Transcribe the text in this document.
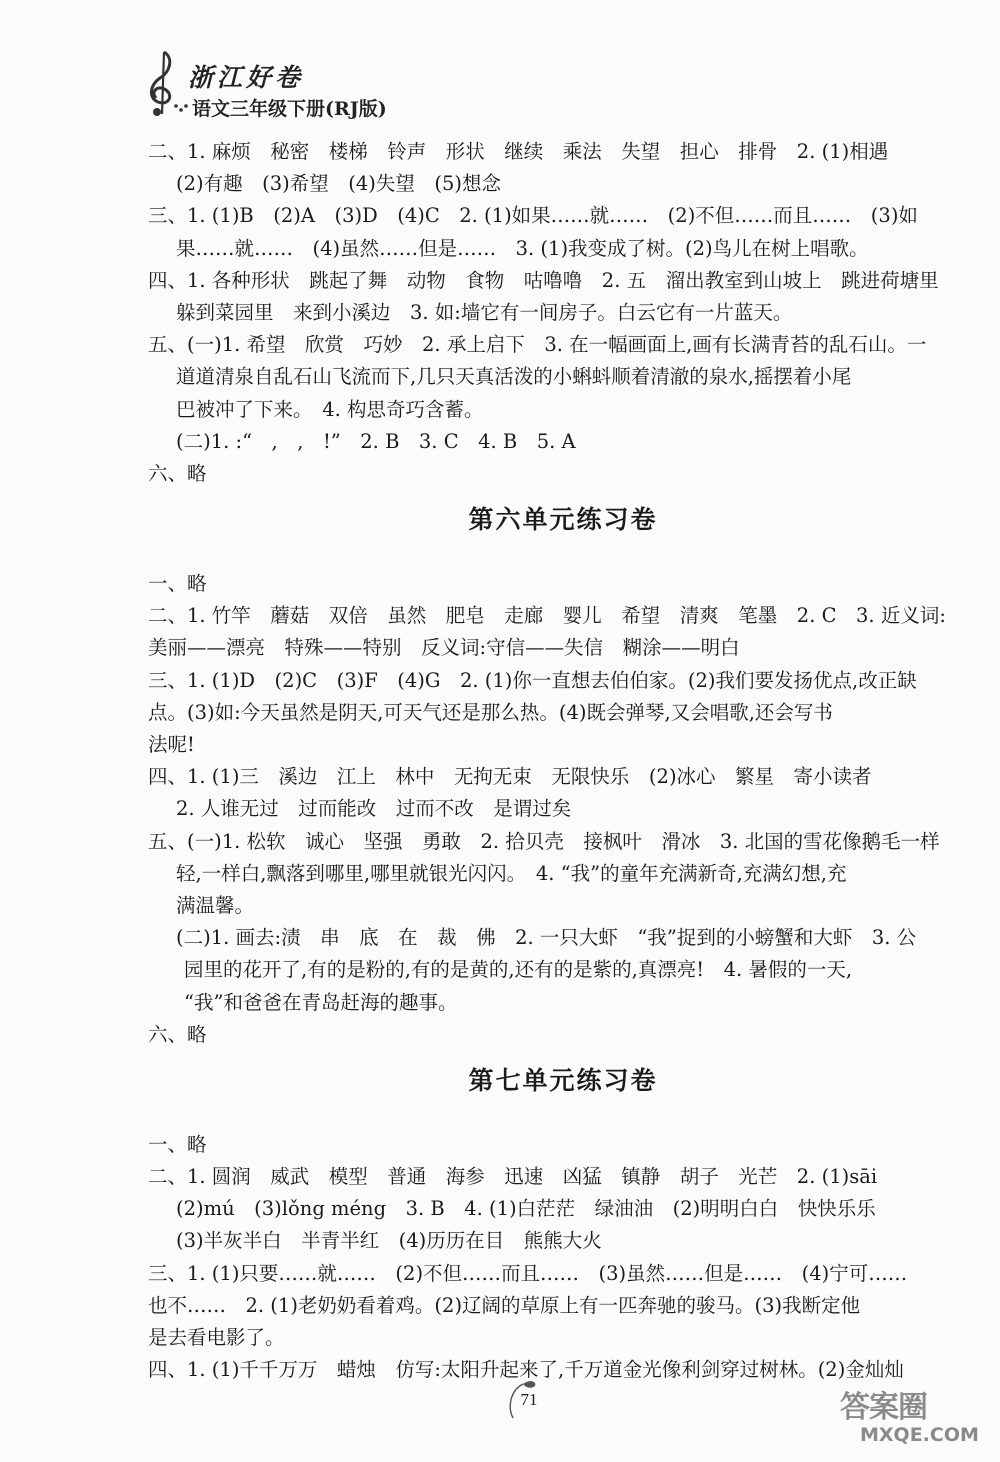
浙江好卷
语文三年级下册(RJ版)
二、1. 麻烦　秘密　楼梯　铃声　形状　继续　乘法　失望　担心　排骨　2. (1)相遇
(2)有趣　(3)希望　(4)失望　(5)想念
三、1. (1)B　(2)A　(3)D　(4)C　2. (1)如果……就……　(2)不但……而且……　(3)如
果……就……　(4)虽然……但是……　3. (1)我变成了树。(2)鸟儿在树上唱歌。
四、1. 各种形状　跳起了舞　动物　食物　咕噜噜　2. 五　溜出教室到山坡上　跳进荷塘里
躲到菜园里　来到小溪边　3. 如:墙它有一间房子。白云它有一片蓝天。
五、(一)1. 希望　欣赏　巧妙　2. 承上启下　3. 在一幅画面上,画有长满青苔的乱石山。一
道道清泉自乱石山飞流而下,几只天真活泼的小蝌蚪顺着清澈的泉水,摇摆着小尾
巴被冲了下来。　4. 构思奇巧含蓄。
(二)1. :“　,　,　!”　2. B　3. C　4. B　5. A
六、略
第六单元练习卷
一、略
二、1. 竹竿　蘑菇　双倍　虽然　肥皂　走廊　婴儿　希望　清爽　笔墨　2. C　3. 近义词:
美丽——漂亮　特殊——特别　反义词:守信——失信　糊涂——明白
三、1. (1)D　(2)C　(3)F　(4)G　2. (1)你一直想去伯伯家。(2)我们要发扬优点,改正缺
点。(3)如:今天虽然是阴天,可天气还是那么热。(4)既会弹琴,又会唱歌,还会写书
法呢!
四、1. (1)三　溪边　江上　林中　无拘无束　无限快乐　(2)冰心　繁星　寄小读者
2. 人谁无过　过而能改　过而不改　是谓过矣
五、(一)1. 松软　诚心　坚强　勇敢　2. 拾贝壳　接枫叶　滑冰　3. 北国的雪花像鹅毛一样
轻,一样白,飘落到哪里,哪里就银光闪闪。　4. “我”的童年充满新奇,充满幻想,充
满温馨。
(二)1. 画去:渍　串　底　在　裁　佛　2. 一只大虾　“我”捉到的小螃蟹和大虾　3. 公
园里的花开了,有的是粉的,有的是黄的,还有的是紫的,真漂亮!　4. 暑假的一天,
“我”和爸爸在青岛赶海的趣事。
六、略
第七单元练习卷
一、略
二、1. 圆润　威武　模型　普通　海参　迅速　凶猛　镇静　胡子　光芒　2. (1)sāi
(2)mú　(3)lǒng méng　3. B　4. (1)白茫茫　绿油油　(2)明明白白　快快乐乐
(3)半灰半白　半青半红　(4)历历在目　熊熊大火
三、1. (1)只要……就……　(2)不但……而且……　(3)虽然……但是……　(4)宁可……
也不……　2. (1)老奶奶看着鸡。(2)辽阔的草原上有一匹奔驰的骏马。(3)我断定他
是去看电影了。
四、1. (1)千千万万　蜡烛　仿写:太阳升起来了,千万道金光像利剑穿过树林。(2)金灿灿
71	答案圈
MXQE.COM
